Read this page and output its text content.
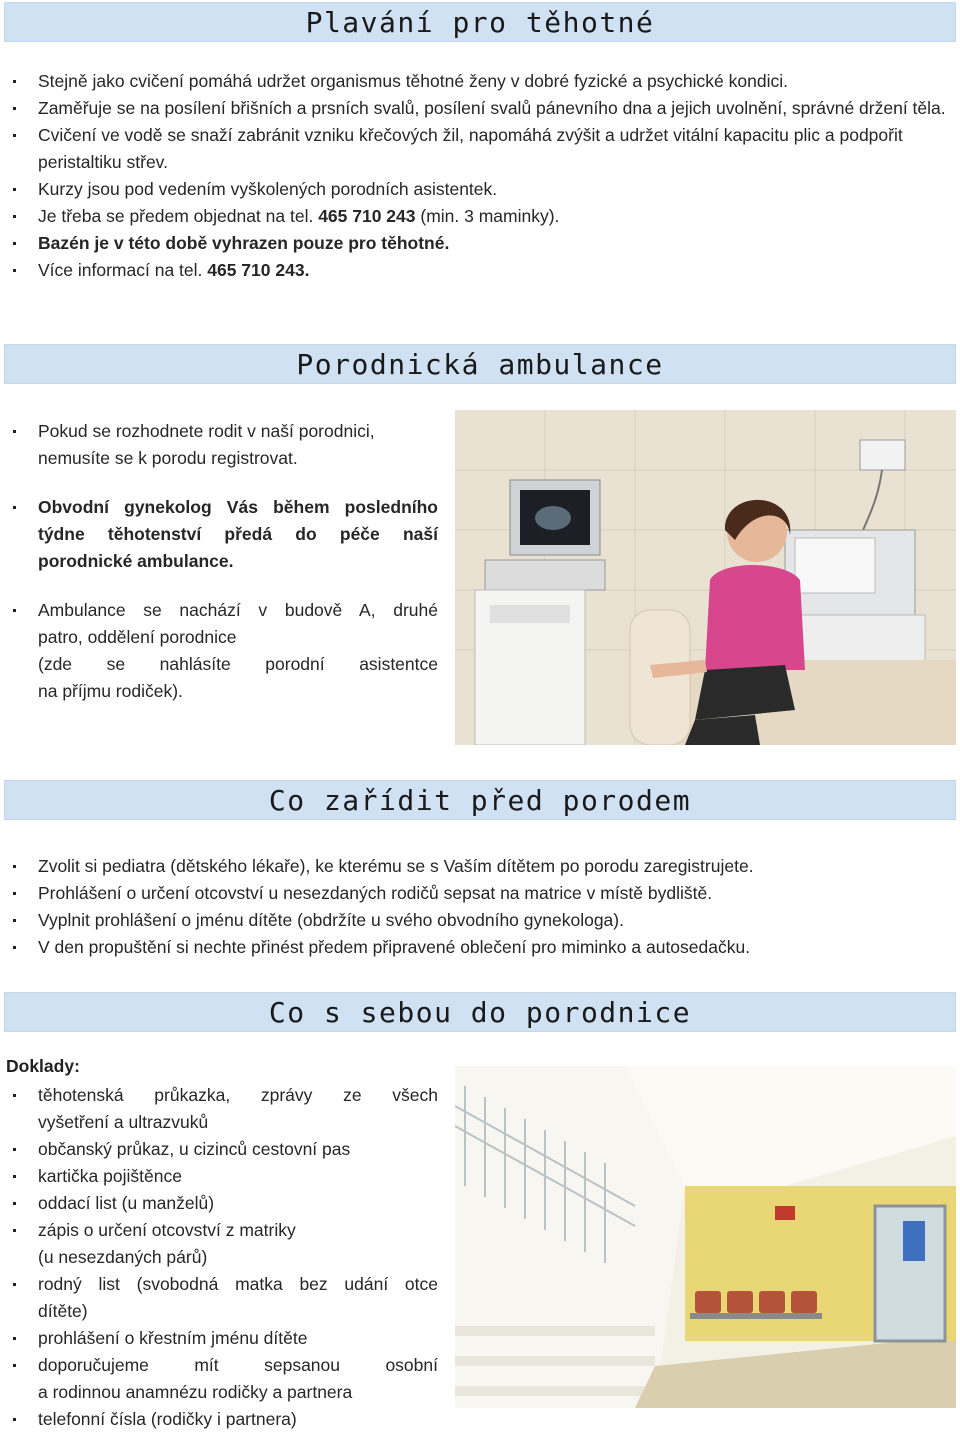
Plavání pro těhotné
Stejně jako cvičení pomáhá udržet organismus těhotné ženy v dobré fyzické a psychické kondici.
Zaměřuje se na posílení břišních a prsních svalů, posílení svalů pánevního dna a jejich uvolnění, správné držení těla.
Cvičení ve vodě se snaží zabránit vzniku křečových žil, napomáhá zvýšit a udržet vitální kapacitu plic a podpořit peristaltiku střev.
Kurzy jsou pod vedením vyškolených porodních asistentek.
Je třeba se předem objednat na tel. 465 710 243 (min. 3 maminky).
Bazén je v této době vyhrazen pouze pro těhotné.
Více informací na tel. 465 710 243.
Porodnická ambulance
Pokud se rozhodnete rodit v naší porodnici, nemusíte se k porodu registrovat.
Obvodní gynekolog Vás během posledního týdne těhotenství předá do péče naší porodnické ambulance.
Ambulance se nachází v budově A, druhé
patro, oddělení porodnice
(zde se nahlásíte porodní asistentce
na příjmu rodiček).
Co zařídit před porodem
Zvolit si pediatra (dětského lékaře), ke kterému se s Vaším dítětem po porodu zaregistrujete.
Prohlášení o určení otcovství u nesezdaných rodičů sepsat na matrice v místě bydliště.
Vyplnit prohlášení o jménu dítěte (obdržíte u svého obvodního gynekologa).
V den propuštění si nechte přinést předem připravené oblečení pro miminko a autosedačku.
Co s sebou do porodnice
Doklady:
těhotenská průkazka, zprávy ze všech
vyšetření a ultrazvuků
občanský průkaz, u cizinců cestovní pas
kartička pojištěnce
oddací list (u manželů)
zápis o určení otcovství z matriky
(u nesezdaných párů)
rodný list (svobodná matka bez udání otce
dítěte)
prohlášení o křestním jménu dítěte
doporučujeme mít sepsanou osobní
a rodinnou anamnézu rodičky a partnera
telefonní čísla (rodičky i partnera)
